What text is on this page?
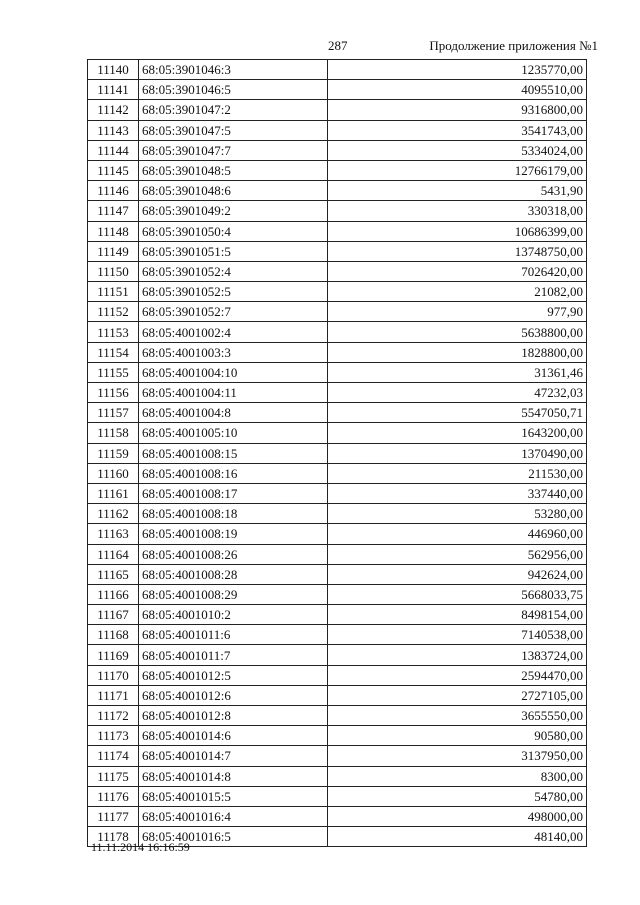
287	Продолжение приложения №1
11140	68:05:3901046:3	1235770,00
11141	68:05:3901046:5	4095510,00
11142	68:05:3901047:2	9316800,00
11143	68:05:3901047:5	3541743,00
11144	68:05:3901047:7	5334024,00
11145	68:05:3901048:5	12766179,00
11146	68:05:3901048:6	5431,90
11147	68:05:3901049:2	330318,00
11148	68:05:3901050:4	10686399,00
11149	68:05:3901051:5	13748750,00
11150	68:05:3901052:4	7026420,00
11151	68:05:3901052:5	21082,00
11152	68:05:3901052:7	977,90
11153	68:05:4001002:4	5638800,00
11154	68:05:4001003:3	1828800,00
11155	68:05:4001004:10	31361,46
11156	68:05:4001004:11	47232,03
11157	68:05:4001004:8	5547050,71
11158	68:05:4001005:10	1643200,00
11159	68:05:4001008:15	1370490,00
11160	68:05:4001008:16	211530,00
11161	68:05:4001008:17	337440,00
11162	68:05:4001008:18	53280,00
11163	68:05:4001008:19	446960,00
11164	68:05:4001008:26	562956,00
11165	68:05:4001008:28	942624,00
11166	68:05:4001008:29	5668033,75
11167	68:05:4001010:2	8498154,00
11168	68:05:4001011:6	7140538,00
11169	68:05:4001011:7	1383724,00
11170	68:05:4001012:5	2594470,00
11171	68:05:4001012:6	2727105,00
11172	68:05:4001012:8	3655550,00
11173	68:05:4001014:6	90580,00
11174	68:05:4001014:7	3137950,00
11175	68:05:4001014:8	8300,00
11176	68:05:4001015:5	54780,00
11177	68:05:4001016:4	498000,00
11178	68:05:4001016:5	48140,00
11.11.2014 16:16:59
